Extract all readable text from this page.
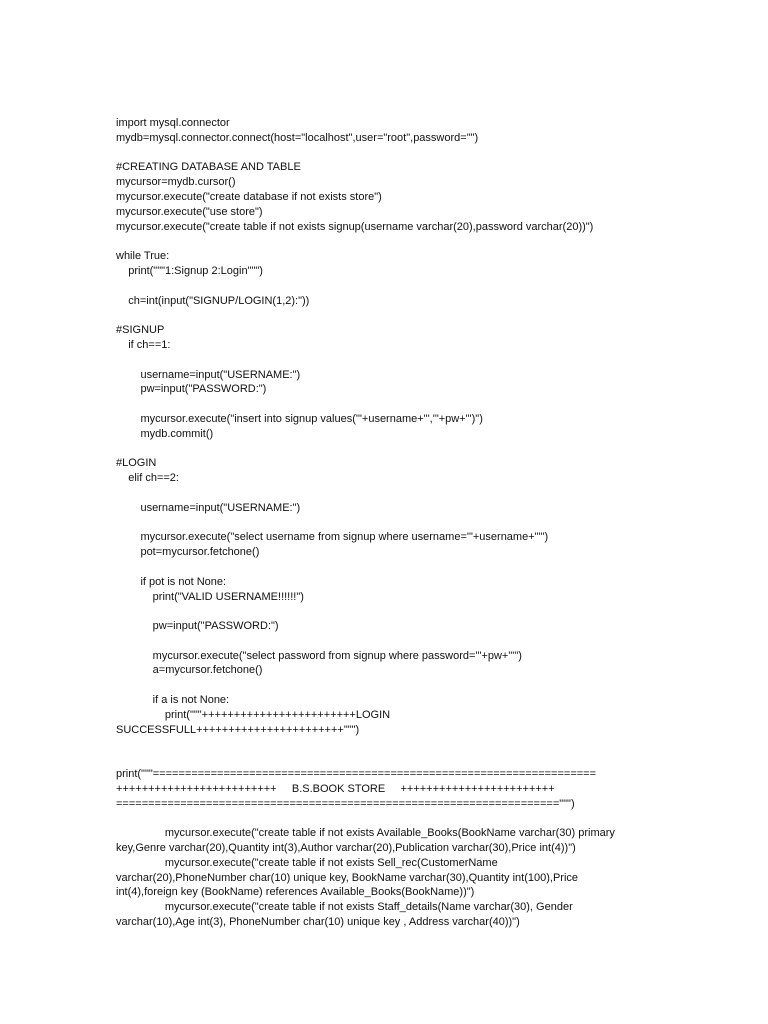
import mysql.connector
mydb=mysql.connector.connect(host="localhost",user="root",password="")
#CREATING DATABASE AND TABLE
mycursor=mydb.cursor()
mycursor.execute("create database if not exists store")
mycursor.execute("use store")
mycursor.execute("create table if not exists signup(username varchar(20),password varchar(20))")
while True:
print("""1:Signup 2:Login""")
ch=int(input("SIGNUP/LOGIN(1,2):"))
#SIGNUP
if ch==1:
username=input("USERNAME:")
pw=input("PASSWORD:")
mycursor.execute("insert into signup values('"+username+"','"+pw+"')")
mydb.commit()
#LOGIN
elif ch==2:
username=input("USERNAME:")
mycursor.execute("select username from signup where username='"+username+"'")
pot=mycursor.fetchone()
if pot is not None:
print("VALID USERNAME!!!!!!")
pw=input("PASSWORD:")
mycursor.execute("select password from signup where password='"+pw+"'")
a=mycursor.fetchone()
if a is not None:
print("""++++++++++++++++++++++++LOGIN
SUCCESSFULL+++++++++++++++++++++++""")
print("""=====================================================================
+++++++++++++++++++++++++     B.S.BOOK STORE     ++++++++++++++++++++++++
=====================================================================""")
mycursor.execute("create table if not exists Available_Books(BookName varchar(30) primary
key,Genre varchar(20),Quantity int(3),Author varchar(20),Publication varchar(30),Price int(4))")
mycursor.execute("create table if not exists Sell_rec(CustomerName
varchar(20),PhoneNumber char(10) unique key, BookName varchar(30),Quantity int(100),Price
int(4),foreign key (BookName) references Available_Books(BookName))")
mycursor.execute("create table if not exists Staff_details(Name varchar(30), Gender
varchar(10),Age int(3), PhoneNumber char(10) unique key , Address varchar(40))")
